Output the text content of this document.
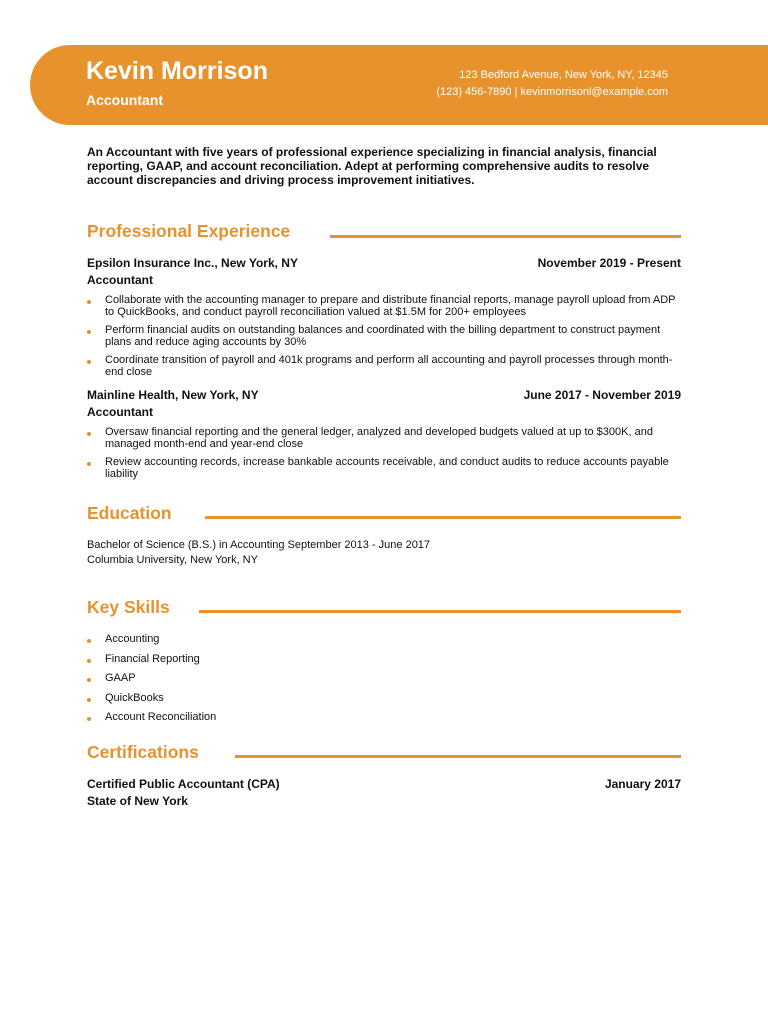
Kevin Morrison
Accountant
123 Bedford Avenue, New York, NY, 12345
(123) 456-7890 | kevinmorrisonl@example.com
An Accountant with five years of professional experience specializing in financial analysis, financial reporting, GAAP, and account reconciliation. Adept at performing comprehensive audits to resolve account discrepancies and driving process improvement initiatives.
Professional Experience
Epsilon Insurance Inc., New York, NY	November 2019 - Present
Accountant
Collaborate with the accounting manager to prepare and distribute financial reports, manage payroll upload from ADP to QuickBooks, and conduct payroll reconciliation valued at $1.5M for 200+ employees
Perform financial audits on outstanding balances and coordinated with the billing department to construct payment plans and reduce aging accounts by 30%
Coordinate transition of payroll and 401k programs and perform all accounting and payroll processes through month-end close
Mainline Health, New York, NY	June 2017 - November 2019
Accountant
Oversaw financial reporting and the general ledger, analyzed and developed budgets valued at up to $300K, and managed month-end and year-end close
Review accounting records, increase bankable accounts receivable, and conduct audits to reduce accounts payable liability
Education
Bachelor of Science (B.S.) in Accounting September 2013 - June 2017
Columbia University, New York, NY
Key Skills
Accounting
Financial Reporting
GAAP
QuickBooks
Account Reconciliation
Certifications
Certified Public Accountant (CPA)	January 2017
State of New York
